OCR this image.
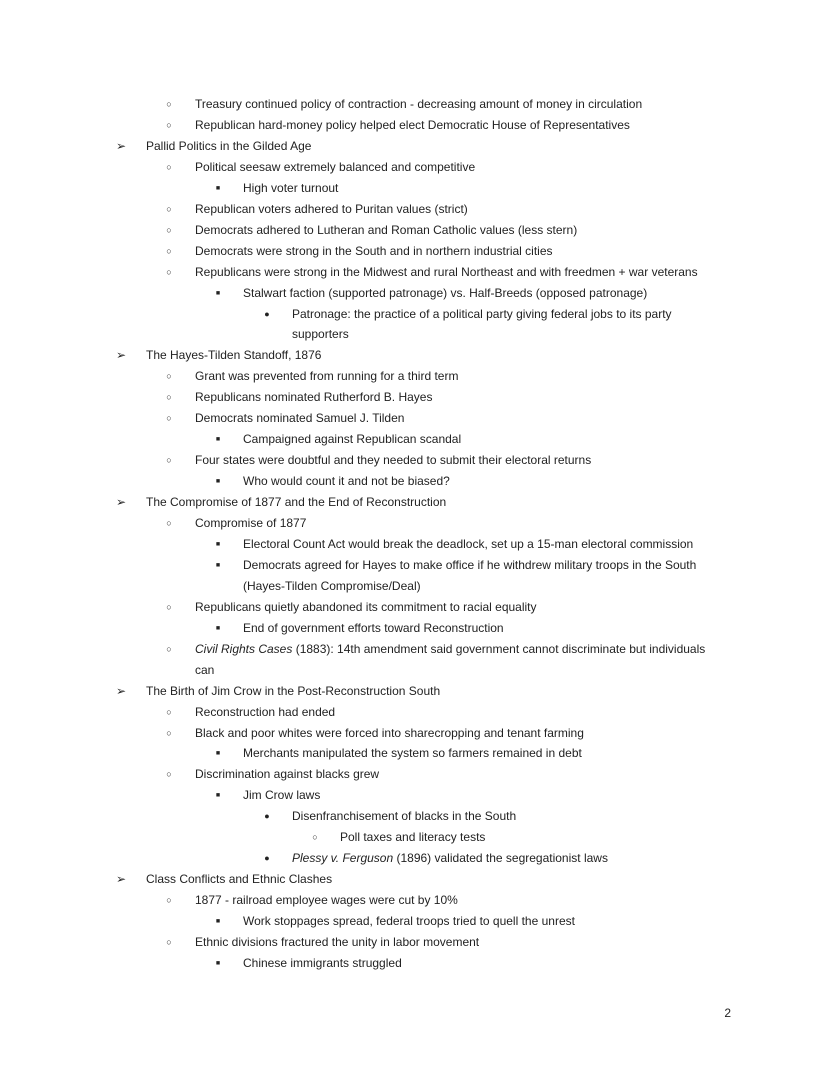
○	Treasury continued policy of contraction - decreasing amount of money in circulation
○	Republican hard-money policy helped elect Democratic House of Representatives
➢ Pallid Politics in the Gilded Age
○	Political seesaw extremely balanced and competitive
■	High voter turnout
○	Republican voters adhered to Puritan values (strict)
○	Democrats adhered to Lutheran and Roman Catholic values (less stern)
○	Democrats were strong in the South and in northern industrial cities
○	Republicans were strong in the Midwest and rural Northeast and with freedmen + war veterans
■	Stalwart faction (supported patronage) vs. Half-Breeds (opposed patronage)
●	Patronage: the practice of a political party giving federal jobs to its party
supporters
➢ The Hayes-Tilden Standoff, 1876
○	Grant was prevented from running for a third term
○	Republicans nominated Rutherford B. Hayes
○	Democrats nominated Samuel J. Tilden
■	Campaigned against Republican scandal
○	Four states were doubtful and they needed to submit their electoral returns
■	Who would count it and not be biased?
➢ The Compromise of 1877 and the End of Reconstruction
○	Compromise of 1877
■	Electoral Count Act would break the deadlock, set up a 15-man electoral commission
■	Democrats agreed for Hayes to make office if he withdrew military troops in the South
(Hayes-Tilden Compromise/Deal)
○	Republicans quietly abandoned its commitment to racial equality
■	End of government efforts toward Reconstruction
○	Civil Rights Cases (1883): 14th amendment said government cannot discriminate but individuals
can
➢ The Birth of Jim Crow in the Post-Reconstruction South
○	Reconstruction had ended
○	Black and poor whites were forced into sharecropping and tenant farming
■	Merchants manipulated the system so farmers remained in debt
○	Discrimination against blacks grew
■	Jim Crow laws
●	Disenfranchisement of blacks in the South
○	Poll taxes and literacy tests
●	Plessy v. Ferguson (1896) validated the segregationist laws
➢ Class Conflicts and Ethnic Clashes
○	1877 - railroad employee wages were cut by 10%
■	Work stoppages spread, federal troops tried to quell the unrest
○	Ethnic divisions fractured the unity in labor movement
■	Chinese immigrants struggled
2
